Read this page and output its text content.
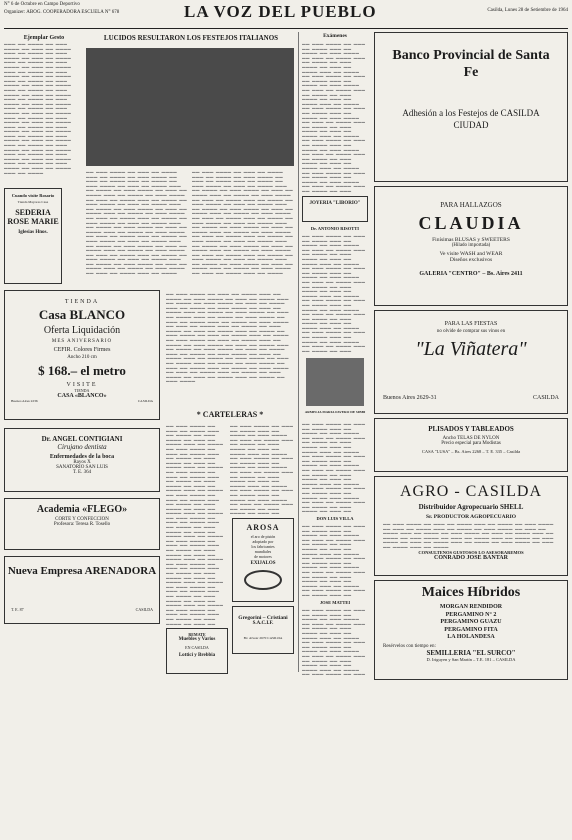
N° 6 de Octubre en Campo Deportivo
Organizer: ABOG. COOPERADORA ESCUELA N° 678	LA VOZ DEL PUEBLO	Casilda, Lunes 28 de Setiembre de 1964
Ejemplar Gesto
▬▬▬ ▬▬ ▬▬▬▬ ▬▬ ▬▬▬ ▬▬▬▬ ▬▬ ▬▬▬ ▬▬ ▬▬▬▬ ▬▬▬ ▬▬ ▬▬▬▬ ▬▬ ▬▬▬ ▬▬▬▬ ▬▬ ▬▬▬ ▬▬ ▬▬▬▬ ▬▬▬ ▬▬ ▬▬▬▬ ▬▬ ▬▬▬ ▬▬▬▬ ▬▬ ▬▬▬ ▬▬ ▬▬▬▬ ▬▬▬ ▬▬ ▬▬▬▬ ▬▬ ▬▬▬ ▬▬▬▬ ▬▬ ▬▬▬ ▬▬ ▬▬▬▬ ▬▬▬ ▬▬ ▬▬▬▬ ▬▬ ▬▬▬ ▬▬▬▬ ▬▬ ▬▬▬ ▬▬ ▬▬▬▬ ▬▬▬ ▬▬ ▬▬▬▬ ▬▬ ▬▬▬ ▬▬▬▬ ▬▬ ▬▬▬ ▬▬ ▬▬▬▬ ▬▬▬ ▬▬ ▬▬▬▬ ▬▬ ▬▬▬ ▬▬▬▬ ▬▬ ▬▬▬ ▬▬ ▬▬▬▬ ▬▬▬ ▬▬ ▬▬▬▬ ▬▬ ▬▬▬ ▬▬▬▬ ▬▬ ▬▬▬ ▬▬ ▬▬▬▬ ▬▬▬ ▬▬ ▬▬▬▬ ▬▬ ▬▬▬ ▬▬▬▬ ▬▬ ▬▬▬ ▬▬ ▬▬▬▬ ▬▬▬ ▬▬ ▬▬▬▬ ▬▬ ▬▬▬ ▬▬▬▬ ▬▬ ▬▬▬ ▬▬ ▬▬▬▬ ▬▬▬ ▬▬ ▬▬▬▬ ▬▬ ▬▬▬ ▬▬▬▬ ▬▬ ▬▬▬ ▬▬ ▬▬▬▬ ▬▬▬ ▬▬ ▬▬▬▬ ▬▬ ▬▬▬ ▬▬▬▬ ▬▬ ▬▬▬ ▬▬ ▬▬▬▬ ▬▬▬ ▬▬ ▬▬▬▬ ▬▬ ▬▬▬ ▬▬▬▬ ▬▬ ▬▬▬ ▬▬ ▬▬▬▬ ▬▬▬ ▬▬ ▬▬▬▬ ▬▬ ▬▬▬ ▬▬▬▬ ▬▬ ▬▬▬ ▬▬ ▬▬▬▬ ▬▬▬ ▬▬ ▬▬▬▬
Cuando visite Rosario
Tienda Mayores Casa
SEDERIA ROSE MARIE
Iglesias Hnos.
TIENDA
Casa BLANCO
Oferta Liquidación
MES ANIVERSARIO
CEFIR. Colores Firmes
Ancho 210 cm
$ 168.– el metro
VISITE
TIENDA
CASA «BLANCO»
Buenos Aires 2236	CASILDA
Dr. ANGEL CONTIGIANI
Cirujano dentista
Enfermedades de la boca
Rayos X
SANATORIO SAN LUIS
T. E. 364
Academia «FLEGO»
CORTE Y CONFECCION
Profesora: Teresa R. Tosello
Nueva Empresa ARENADORA
T. E. 87	CASILDA
LUCIDOS RESULTARON LOS FESTEJOS ITALIANOS
▬▬ ▬▬▬ ▬▬▬▬ ▬▬ ▬▬▬ ▬▬ ▬▬▬▬ ▬▬▬ ▬▬ ▬▬▬▬ ▬▬ ▬▬▬ ▬▬▬▬ ▬▬ ▬▬▬ ▬▬ ▬▬▬▬ ▬▬▬ ▬▬ ▬▬▬▬ ▬▬ ▬▬▬ ▬▬▬▬ ▬▬ ▬▬▬ ▬▬ ▬▬▬▬ ▬▬▬ ▬▬ ▬▬▬▬ ▬▬ ▬▬▬ ▬▬▬▬ ▬▬ ▬▬▬ ▬▬ ▬▬▬▬ ▬▬▬ ▬▬ ▬▬▬▬ ▬▬ ▬▬▬ ▬▬▬▬ ▬▬ ▬▬▬ ▬▬ ▬▬▬▬ ▬▬▬ ▬▬ ▬▬▬▬ ▬▬ ▬▬▬ ▬▬▬▬ ▬▬ ▬▬▬ ▬▬ ▬▬▬▬ ▬▬▬ ▬▬ ▬▬▬▬ ▬▬ ▬▬▬ ▬▬▬▬ ▬▬ ▬▬▬ ▬▬ ▬▬▬▬ ▬▬▬ ▬▬ ▬▬▬▬ ▬▬ ▬▬▬ ▬▬▬▬ ▬▬ ▬▬▬ ▬▬ ▬▬▬▬ ▬▬▬ ▬▬ ▬▬▬▬ ▬▬ ▬▬▬ ▬▬▬▬ ▬▬ ▬▬▬ ▬▬ ▬▬▬▬ ▬▬▬ ▬▬ ▬▬▬▬ ▬▬ ▬▬▬ ▬▬▬▬ ▬▬ ▬▬▬ ▬▬ ▬▬▬▬ ▬▬▬ ▬▬ ▬▬▬▬ ▬▬ ▬▬▬ ▬▬▬▬ ▬▬ ▬▬▬ ▬▬ ▬▬▬▬ ▬▬▬ ▬▬ ▬▬▬▬ ▬▬ ▬▬▬ ▬▬▬▬ ▬▬ ▬▬▬ ▬▬ ▬▬▬▬ ▬▬▬ ▬▬ ▬▬▬▬ ▬▬ ▬▬▬ ▬▬▬▬ ▬▬ ▬▬▬ ▬▬ ▬▬▬▬ ▬▬▬ ▬▬ ▬▬▬▬ ▬▬ ▬▬▬ ▬▬▬▬ ▬▬ ▬▬▬ ▬▬ ▬▬▬▬ ▬▬▬ ▬▬ ▬▬▬▬ ▬▬ ▬▬▬ ▬▬▬▬ ▬▬ ▬▬▬ ▬▬ ▬▬▬▬ ▬▬▬ ▬▬ ▬▬▬▬ ▬▬ ▬▬▬ ▬▬▬▬ ▬▬ ▬▬▬ ▬▬ ▬▬▬▬ ▬▬▬ ▬▬ ▬▬▬▬ ▬▬ ▬▬▬ ▬▬▬▬ ▬▬ ▬▬▬ ▬▬ ▬▬▬▬ ▬▬▬ ▬▬ ▬▬▬▬
▬▬ ▬▬▬ ▬▬▬▬ ▬▬ ▬▬▬ ▬▬ ▬▬▬▬ ▬▬▬ ▬▬ ▬▬▬▬ ▬▬ ▬▬▬ ▬▬▬▬ ▬▬ ▬▬▬ ▬▬ ▬▬▬▬ ▬▬▬ ▬▬ ▬▬▬▬ ▬▬ ▬▬▬ ▬▬▬▬ ▬▬ ▬▬▬ ▬▬ ▬▬▬▬ ▬▬▬ ▬▬ ▬▬▬▬ ▬▬ ▬▬▬ ▬▬▬▬ ▬▬ ▬▬▬ ▬▬ ▬▬▬▬ ▬▬▬ ▬▬ ▬▬▬▬ ▬▬ ▬▬▬ ▬▬▬▬ ▬▬ ▬▬▬ ▬▬ ▬▬▬▬ ▬▬▬ ▬▬ ▬▬▬▬ ▬▬ ▬▬▬ ▬▬▬▬ ▬▬ ▬▬▬ ▬▬ ▬▬▬▬ ▬▬▬ ▬▬ ▬▬▬▬ ▬▬ ▬▬▬ ▬▬▬▬ ▬▬ ▬▬▬ ▬▬ ▬▬▬▬ ▬▬▬ ▬▬ ▬▬▬▬ ▬▬ ▬▬▬ ▬▬▬▬ ▬▬ ▬▬▬ ▬▬ ▬▬▬▬ ▬▬▬ ▬▬ ▬▬▬▬ ▬▬ ▬▬▬ ▬▬▬▬ ▬▬ ▬▬▬ ▬▬ ▬▬▬▬ ▬▬▬ ▬▬ ▬▬▬▬ ▬▬ ▬▬▬ ▬▬▬▬ ▬▬ ▬▬▬ ▬▬ ▬▬▬▬ ▬▬▬ ▬▬ ▬▬▬▬ ▬▬ ▬▬▬ ▬▬▬▬ ▬▬ ▬▬▬ ▬▬ ▬▬▬▬ ▬▬▬ ▬▬ ▬▬▬▬ ▬▬ ▬▬▬ ▬▬▬▬ ▬▬ ▬▬▬ ▬▬ ▬▬▬▬ ▬▬▬ ▬▬ ▬▬▬▬ ▬▬ ▬▬▬ ▬▬▬▬ ▬▬ ▬▬▬ ▬▬ ▬▬▬▬ ▬▬▬ ▬▬ ▬▬▬▬ ▬▬ ▬▬▬ ▬▬▬▬ ▬▬ ▬▬▬ ▬▬ ▬▬▬▬ ▬▬▬ ▬▬ ▬▬▬▬ ▬▬ ▬▬▬ ▬▬▬▬ ▬▬ ▬▬▬ ▬▬ ▬▬▬▬ ▬▬▬ ▬▬ ▬▬▬▬ ▬▬ ▬▬▬ ▬▬▬▬ ▬▬ ▬▬▬ ▬▬ ▬▬▬▬ ▬▬▬ ▬▬ ▬▬▬▬ ▬▬ ▬▬▬ ▬▬▬▬ ▬▬ ▬▬▬ ▬▬ ▬▬▬▬ ▬▬▬ ▬▬ ▬▬▬▬
▬▬ ▬▬▬ ▬▬▬▬ ▬▬ ▬▬▬ ▬▬ ▬▬▬▬ ▬▬▬ ▬▬ ▬▬▬▬ ▬▬ ▬▬▬ ▬▬▬▬ ▬▬ ▬▬▬ ▬▬ ▬▬▬▬ ▬▬▬ ▬▬ ▬▬▬▬ ▬▬ ▬▬▬ ▬▬▬▬ ▬▬ ▬▬▬ ▬▬ ▬▬▬▬ ▬▬▬ ▬▬ ▬▬▬▬ ▬▬ ▬▬▬ ▬▬▬▬ ▬▬ ▬▬▬ ▬▬ ▬▬▬▬ ▬▬▬ ▬▬ ▬▬▬▬ ▬▬ ▬▬▬ ▬▬▬▬ ▬▬ ▬▬▬ ▬▬ ▬▬▬▬ ▬▬▬ ▬▬ ▬▬▬▬ ▬▬ ▬▬▬ ▬▬▬▬ ▬▬ ▬▬▬ ▬▬ ▬▬▬▬ ▬▬▬ ▬▬ ▬▬▬▬ ▬▬ ▬▬▬ ▬▬▬▬ ▬▬ ▬▬▬ ▬▬ ▬▬▬▬ ▬▬▬ ▬▬ ▬▬▬▬ ▬▬ ▬▬▬ ▬▬▬▬ ▬▬ ▬▬▬ ▬▬ ▬▬▬▬ ▬▬▬ ▬▬ ▬▬▬▬ ▬▬ ▬▬▬ ▬▬▬▬ ▬▬ ▬▬▬ ▬▬ ▬▬▬▬ ▬▬▬ ▬▬ ▬▬▬▬ ▬▬ ▬▬▬ ▬▬▬▬ ▬▬ ▬▬▬ ▬▬ ▬▬▬▬ ▬▬▬ ▬▬ ▬▬▬▬ ▬▬ ▬▬▬ ▬▬▬▬ ▬▬ ▬▬▬ ▬▬ ▬▬▬▬ ▬▬▬ ▬▬ ▬▬▬▬ ▬▬ ▬▬▬ ▬▬▬▬ ▬▬ ▬▬▬ ▬▬ ▬▬▬▬ ▬▬▬ ▬▬ ▬▬▬▬ ▬▬ ▬▬▬ ▬▬▬▬ ▬▬ ▬▬▬ ▬▬ ▬▬▬▬ ▬▬▬ ▬▬ ▬▬▬▬ ▬▬ ▬▬▬ ▬▬▬▬ ▬▬ ▬▬▬ ▬▬ ▬▬▬▬ ▬▬▬ ▬▬ ▬▬▬▬ ▬▬ ▬▬▬ ▬▬▬▬ ▬▬ ▬▬▬ ▬▬ ▬▬▬▬ ▬▬▬ ▬▬ ▬▬▬▬ ▬▬ ▬▬▬ ▬▬▬▬ ▬▬ ▬▬▬ ▬▬ ▬▬▬▬ ▬▬▬ ▬▬ ▬▬▬▬ ▬▬ ▬▬▬ ▬▬▬▬ ▬▬ ▬▬▬ ▬▬ ▬▬▬▬ ▬▬▬ ▬▬ ▬▬▬▬ ▬▬ ▬▬▬ ▬▬▬▬
* CARTELERAS *
▬▬ ▬▬▬ ▬▬▬▬ ▬▬ ▬▬▬ ▬▬ ▬▬▬▬ ▬▬▬ ▬▬ ▬▬▬▬ ▬▬ ▬▬▬ ▬▬▬▬ ▬▬ ▬▬▬ ▬▬ ▬▬▬▬ ▬▬▬ ▬▬ ▬▬▬▬ ▬▬ ▬▬▬ ▬▬▬▬ ▬▬ ▬▬▬ ▬▬ ▬▬▬▬ ▬▬▬ ▬▬ ▬▬▬▬ ▬▬ ▬▬▬ ▬▬▬▬ ▬▬ ▬▬▬ ▬▬ ▬▬▬▬ ▬▬▬ ▬▬ ▬▬▬▬ ▬▬ ▬▬▬ ▬▬▬▬ ▬▬ ▬▬▬ ▬▬ ▬▬▬▬ ▬▬▬ ▬▬ ▬▬▬▬ ▬▬ ▬▬▬ ▬▬▬▬ ▬▬ ▬▬▬ ▬▬ ▬▬▬▬ ▬▬▬ ▬▬ ▬▬▬▬ ▬▬ ▬▬▬ ▬▬▬▬ ▬▬ ▬▬▬ ▬▬ ▬▬▬▬ ▬▬▬ ▬▬ ▬▬▬▬ ▬▬ ▬▬▬ ▬▬▬▬ ▬▬ ▬▬▬ ▬▬ ▬▬▬▬ ▬▬▬ ▬▬ ▬▬▬▬ ▬▬ ▬▬▬ ▬▬▬▬ ▬▬ ▬▬▬ ▬▬ ▬▬▬▬ ▬▬▬ ▬▬ ▬▬▬▬ ▬▬ ▬▬▬ ▬▬▬▬ ▬▬ ▬▬▬ ▬▬ ▬▬▬▬ ▬▬▬ ▬▬ ▬▬▬▬ ▬▬ ▬▬▬ ▬▬▬▬ ▬▬ ▬▬▬ ▬▬ ▬▬▬▬ ▬▬▬ ▬▬ ▬▬▬▬ ▬▬ ▬▬▬ ▬▬▬▬ ▬▬ ▬▬▬ ▬▬ ▬▬▬▬ ▬▬▬ ▬▬ ▬▬▬▬ ▬▬ ▬▬▬ ▬▬▬▬ ▬▬ ▬▬▬ ▬▬ ▬▬▬▬ ▬▬▬ ▬▬ ▬▬▬▬ ▬▬ ▬▬▬ ▬▬▬▬ ▬▬ ▬▬▬ ▬▬ ▬▬▬▬ ▬▬▬ ▬▬ ▬▬▬▬ ▬▬ ▬▬▬ ▬▬▬▬ ▬▬ ▬▬▬ ▬▬ ▬▬▬▬ ▬▬▬ ▬▬ ▬▬▬▬ ▬▬ ▬▬▬ ▬▬▬▬ ▬▬ ▬▬▬ ▬▬ ▬▬▬▬ ▬▬▬ ▬▬ ▬▬▬▬ ▬▬ ▬▬▬ ▬▬▬▬ ▬▬ ▬▬▬ ▬▬ ▬▬▬▬ ▬▬▬ ▬▬ ▬▬▬▬ ▬▬ ▬▬▬ ▬▬▬▬ ▬▬ ▬▬▬ ▬▬
▬▬ ▬▬▬ ▬▬▬▬ ▬▬ ▬▬▬ ▬▬ ▬▬▬▬ ▬▬▬ ▬▬ ▬▬▬▬ ▬▬ ▬▬▬ ▬▬▬▬ ▬▬ ▬▬▬ ▬▬ ▬▬▬▬ ▬▬▬ ▬▬ ▬▬▬▬ ▬▬ ▬▬▬ ▬▬▬▬ ▬▬ ▬▬▬ ▬▬ ▬▬▬▬ ▬▬▬ ▬▬ ▬▬▬▬ ▬▬ ▬▬▬ ▬▬▬▬ ▬▬ ▬▬▬ ▬▬ ▬▬▬▬ ▬▬▬ ▬▬ ▬▬▬▬ ▬▬ ▬▬▬ ▬▬▬▬ ▬▬ ▬▬▬ ▬▬ ▬▬▬▬ ▬▬▬ ▬▬ ▬▬▬▬ ▬▬ ▬▬▬ ▬▬▬▬ ▬▬ ▬▬▬ ▬▬ ▬▬▬▬ ▬▬▬ ▬▬ ▬▬▬▬ ▬▬ ▬▬▬ ▬▬▬▬ ▬▬ ▬▬▬ ▬▬ ▬▬▬▬ ▬▬▬ ▬▬ ▬▬▬▬ ▬▬ ▬▬▬ ▬▬▬▬ ▬▬ ▬▬▬ ▬▬ ▬▬▬▬ ▬▬▬ ▬▬ ▬▬▬▬ ▬▬ ▬▬▬ ▬▬▬▬ ▬▬ ▬▬▬ ▬▬
AROSA
el aro de pistón
adoptado por
los fabricantes
mundiales
de motores
EXIJALOS
Gregorini – Cristiani
S.A.C.I.F.
Bv. Alvear 2670 CASILDA
REMATE
Muebles y Varios
EN CASILDA
Lottici y Brebbia
Exámenes
▬▬ ▬▬▬ ▬▬▬▬ ▬▬ ▬▬▬ ▬▬ ▬▬▬▬ ▬▬▬ ▬▬ ▬▬▬▬ ▬▬ ▬▬▬ ▬▬▬▬ ▬▬ ▬▬▬ ▬▬ ▬▬▬▬ ▬▬▬ ▬▬ ▬▬▬▬ ▬▬ ▬▬▬ ▬▬▬▬ ▬▬ ▬▬▬ ▬▬ ▬▬▬▬ ▬▬▬ ▬▬ ▬▬▬▬ ▬▬ ▬▬▬ ▬▬▬▬ ▬▬ ▬▬▬ ▬▬ ▬▬▬▬ ▬▬▬ ▬▬ ▬▬▬▬ ▬▬ ▬▬▬ ▬▬▬▬ ▬▬ ▬▬▬ ▬▬ ▬▬▬▬ ▬▬▬ ▬▬ ▬▬▬▬ ▬▬ ▬▬▬ ▬▬▬▬ ▬▬ ▬▬▬ ▬▬ ▬▬▬▬ ▬▬▬ ▬▬ ▬▬▬▬ ▬▬ ▬▬▬ ▬▬▬▬ ▬▬ ▬▬▬ ▬▬ ▬▬▬▬ ▬▬▬ ▬▬ ▬▬▬▬ ▬▬ ▬▬▬ ▬▬▬▬ ▬▬ ▬▬▬ ▬▬ ▬▬▬▬ ▬▬▬ ▬▬ ▬▬▬▬ ▬▬ ▬▬▬ ▬▬▬▬ ▬▬ ▬▬▬ ▬▬ ▬▬▬▬ ▬▬▬ ▬▬ ▬▬▬▬ ▬▬ ▬▬▬ ▬▬▬▬ ▬▬ ▬▬▬ ▬▬ ▬▬▬▬ ▬▬▬ ▬▬ ▬▬▬▬ ▬▬ ▬▬▬ ▬▬▬▬ ▬▬ ▬▬▬ ▬▬ ▬▬▬▬ ▬▬▬ ▬▬ ▬▬▬▬ ▬▬ ▬▬▬ ▬▬▬▬ ▬▬ ▬▬▬ ▬▬ ▬▬▬▬ ▬▬▬ ▬▬ ▬▬▬▬ ▬▬ ▬▬▬ ▬▬▬▬ ▬▬ ▬▬▬ ▬▬ ▬▬▬▬ ▬▬▬ ▬▬ ▬▬▬▬ ▬▬ ▬▬▬ ▬▬▬▬ ▬▬ ▬▬▬ ▬▬ ▬▬▬▬ ▬▬▬ ▬▬ ▬▬▬▬ ▬▬ ▬▬▬
JOYERIA "LIBORIO"
Dr. ANTONIO RISOTTI
▬▬ ▬▬▬ ▬▬▬▬ ▬▬ ▬▬▬ ▬▬ ▬▬▬▬ ▬▬▬ ▬▬ ▬▬▬▬ ▬▬ ▬▬▬ ▬▬▬▬ ▬▬ ▬▬▬ ▬▬ ▬▬▬▬ ▬▬▬ ▬▬ ▬▬▬▬ ▬▬ ▬▬▬ ▬▬▬▬ ▬▬ ▬▬▬ ▬▬ ▬▬▬▬ ▬▬▬ ▬▬ ▬▬▬▬ ▬▬ ▬▬▬ ▬▬▬▬ ▬▬ ▬▬▬ ▬▬ ▬▬▬▬ ▬▬▬ ▬▬ ▬▬▬▬ ▬▬ ▬▬▬ ▬▬▬▬ ▬▬ ▬▬▬ ▬▬ ▬▬▬▬ ▬▬▬ ▬▬ ▬▬▬▬ ▬▬ ▬▬▬ ▬▬▬▬ ▬▬ ▬▬▬ ▬▬ ▬▬▬▬ ▬▬▬ ▬▬ ▬▬▬▬ ▬▬ ▬▬▬ ▬▬▬▬ ▬▬ ▬▬▬ ▬▬ ▬▬▬▬ ▬▬▬ ▬▬ ▬▬▬▬ ▬▬ ▬▬▬ ▬▬▬▬ ▬▬ ▬▬▬ ▬▬ ▬▬▬▬ ▬▬▬ ▬▬ ▬▬▬▬ ▬▬ ▬▬▬ ▬▬▬▬ ▬▬ ▬▬▬ ▬▬ ▬▬▬▬ ▬▬▬ ▬▬ ▬▬▬▬ ▬▬ ▬▬▬ ▬▬▬▬ ▬▬ ▬▬▬ ▬▬ ▬▬▬▬ ▬▬▬ ▬▬ ▬▬▬▬ ▬▬ ▬▬▬ ▬▬▬▬ ▬▬ ▬▬▬ ▬▬ ▬▬▬▬ ▬▬▬ ▬▬ ▬▬▬▬ ▬▬ ▬▬▬
ARMELIA MARIA FAVERO DE SIBBI
▬▬ ▬▬▬ ▬▬▬▬ ▬▬ ▬▬▬ ▬▬ ▬▬▬▬ ▬▬▬ ▬▬ ▬▬▬▬ ▬▬ ▬▬▬ ▬▬▬▬ ▬▬ ▬▬▬ ▬▬ ▬▬▬▬ ▬▬▬ ▬▬ ▬▬▬▬ ▬▬ ▬▬▬ ▬▬▬▬ ▬▬ ▬▬▬ ▬▬ ▬▬▬▬ ▬▬▬ ▬▬ ▬▬▬▬ ▬▬ ▬▬▬ ▬▬▬▬ ▬▬ ▬▬▬ ▬▬ ▬▬▬▬ ▬▬▬ ▬▬ ▬▬▬▬ ▬▬ ▬▬▬ ▬▬▬▬ ▬▬ ▬▬▬ ▬▬ ▬▬▬▬ ▬▬▬ ▬▬ ▬▬▬▬ ▬▬ ▬▬▬ ▬▬▬▬ ▬▬ ▬▬▬ ▬▬ ▬▬▬▬ ▬▬▬ ▬▬ ▬▬▬▬ ▬▬ ▬▬▬ ▬▬▬▬ ▬▬ ▬▬▬ ▬▬ ▬▬▬▬ ▬▬▬ ▬▬ ▬▬▬▬ ▬▬ ▬▬▬ ▬▬▬▬ ▬▬ ▬▬▬ ▬▬ ▬▬▬▬ ▬▬▬ ▬▬ ▬▬▬▬ ▬▬ ▬▬▬ ▬▬▬▬ ▬▬ ▬▬▬ ▬▬
DON LUIS VILLA
▬▬ ▬▬▬ ▬▬▬▬ ▬▬ ▬▬▬ ▬▬ ▬▬▬▬ ▬▬▬ ▬▬ ▬▬▬▬ ▬▬ ▬▬▬ ▬▬▬▬ ▬▬ ▬▬▬ ▬▬ ▬▬▬▬ ▬▬▬ ▬▬ ▬▬▬▬ ▬▬ ▬▬▬ ▬▬▬▬ ▬▬ ▬▬▬ ▬▬ ▬▬▬▬ ▬▬▬ ▬▬ ▬▬▬▬ ▬▬ ▬▬▬ ▬▬▬▬ ▬▬ ▬▬▬ ▬▬ ▬▬▬▬ ▬▬▬ ▬▬ ▬▬▬▬ ▬▬ ▬▬▬ ▬▬▬▬ ▬▬ ▬▬▬ ▬▬ ▬▬▬▬ ▬▬▬ ▬▬ ▬▬▬▬ ▬▬ ▬▬▬ ▬▬▬▬ ▬▬ ▬▬▬ ▬▬ ▬▬▬▬ ▬▬▬ ▬▬ ▬▬▬▬ ▬▬ ▬▬▬ ▬▬▬▬ ▬▬ ▬▬▬ ▬▬ ▬▬▬▬ ▬▬▬ ▬▬
JOSE MATTEI
▬▬ ▬▬▬ ▬▬▬▬ ▬▬ ▬▬▬ ▬▬ ▬▬▬▬ ▬▬▬ ▬▬ ▬▬▬▬ ▬▬ ▬▬▬ ▬▬▬▬ ▬▬ ▬▬▬ ▬▬ ▬▬▬▬ ▬▬▬ ▬▬ ▬▬▬▬ ▬▬ ▬▬▬ ▬▬▬▬ ▬▬ ▬▬▬ ▬▬ ▬▬▬▬ ▬▬▬ ▬▬ ▬▬▬▬ ▬▬ ▬▬▬ ▬▬▬▬ ▬▬ ▬▬▬ ▬▬ ▬▬▬▬ ▬▬▬ ▬▬ ▬▬▬▬ ▬▬ ▬▬▬ ▬▬▬▬ ▬▬ ▬▬▬ ▬▬ ▬▬▬▬ ▬▬▬ ▬▬ ▬▬▬▬ ▬▬ ▬▬▬ ▬▬▬▬ ▬▬ ▬▬▬ ▬▬ ▬▬▬▬ ▬▬▬ ▬▬ ▬▬▬▬ ▬▬ ▬▬▬ ▬▬▬▬ ▬▬ ▬▬▬
Banco Provincial de Santa Fe
Adhesión a los Festejos de CASILDA CIUDAD
PARA HALLAZGOS
CLAUDIA
Finísimas BLUSAS y SWEETERS
(Hilado importada)
Ve visite WASH and WEAR
Diseños exclusivos
GALERIA "CENTRO" – Bs. Aires 2411
PARA LAS FIESTAS
no olvide de comprar sus vinos en
"La Viñatera"
Buenos Aires 2629-31	CASILDA
PLISADOS Y TABLEADOS
Ancho TELAS DE NYLON
Precio especial para Modistas
CASA "LUSA" – Bs. Aires 2268 – T. E. 335 – Casilda
AGRO - CASILDA
Distribuidor Agropecuario SHELL
Sr. PRODUCTOR AGROPECUARIO
▬▬ ▬▬▬ ▬▬▬▬ ▬▬ ▬▬▬ ▬▬ ▬▬▬▬ ▬▬▬ ▬▬ ▬▬▬▬ ▬▬ ▬▬▬ ▬▬▬▬ ▬▬ ▬▬▬ ▬▬ ▬▬▬▬ ▬▬▬ ▬▬ ▬▬▬▬ ▬▬ ▬▬▬ ▬▬▬▬ ▬▬ ▬▬▬ ▬▬ ▬▬▬▬ ▬▬▬ ▬▬ ▬▬▬▬ ▬▬ ▬▬▬ ▬▬▬▬ ▬▬ ▬▬▬ ▬▬ ▬▬▬▬ ▬▬▬ ▬▬ ▬▬▬▬ ▬▬ ▬▬▬ ▬▬▬▬ ▬▬ ▬▬▬ ▬▬ ▬▬▬▬ ▬▬▬ ▬▬ ▬▬▬▬ ▬▬ ▬▬▬ ▬▬▬▬ ▬▬ ▬▬▬ ▬▬ ▬▬▬▬ ▬▬▬ ▬▬ ▬▬▬▬ ▬▬ ▬▬▬ ▬▬▬▬ ▬▬ ▬▬▬ ▬▬ ▬▬▬▬ ▬▬▬ ▬▬ ▬▬▬▬
CONSULTENOS GUSTOSOS LO ASESORAREMOS
CONRADO JOSE BANTAR
Maices Híbridos
MORGAN RENDIDOR
PERGAMINO N° 2
PERGAMINO GUAZU
PERGAMINO FITA
LA HOLANDESA
Resérvelos con tiempo en:
SEMILLERIA "EL SURCO"
D. Iriguyen y San Martín – T.E. 181 – CASILDA
